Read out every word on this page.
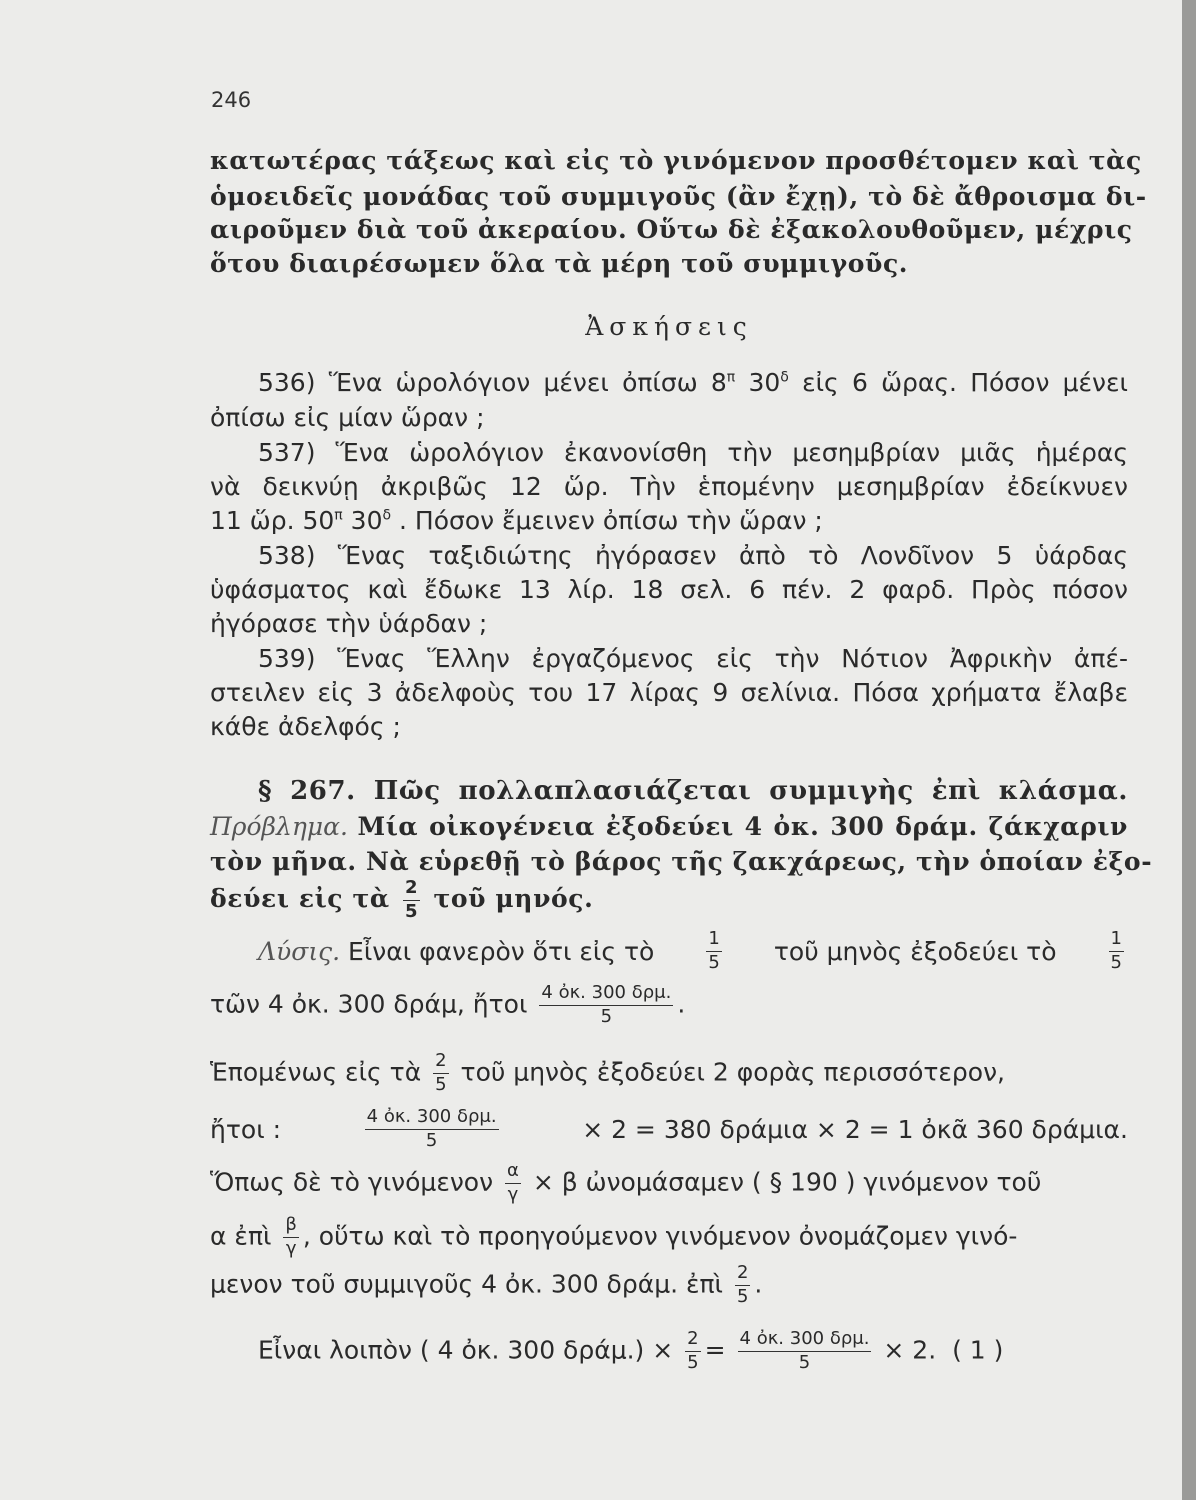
246
κατωτέρας τάξεως καὶ εἰς τὸ γινόμενον προσθέτομεν καὶ τὰς
ὁμοειδεῖς μονάδας τοῦ συμμιγοῦς (ἂν ἔχῃ), τὸ δὲ ἄθροισμα δι-
αιροῦμεν διὰ τοῦ ἀκεραίου. Οὕτω δὲ ἐξακολουθοῦμεν, μέχρις
ὅτου διαιρέσωμεν ὅλα τὰ μέρη τοῦ συμμιγοῦς.
Ἀσκήσεις
536) Ἕνα ὡρολόγιον μένει ὀπίσω $8^\pi$ $30^\delta$ εἰς 6 ὥρας. Πόσον μένει
ὀπίσω εἰς μίαν ὥραν ;
537) Ἕνα ὡρολόγιον ἐκανονίσθη τὴν μεσημβρίαν μιᾶς ἡμέρας
νὰ δεικνύῃ ἀκριβῶς 12 ὥρ. Τὴν ἑπομένην μεσημβρίαν ἐδείκνυεν
11 ὥρ. $50^\pi$ $30^\delta$ . Πόσον ἔμεινεν ὀπίσω τὴν ὥραν ;
538) Ἕνας ταξιδιώτης ἠγόρασεν ἀπὸ τὸ Λονδῖνον 5 ὑάρδας
ὑφάσματος καὶ ἔδωκε 13 λίρ. 18 σελ. 6 πέν. 2 φαρδ. Πρὸς πόσον
ἠγόρασε τὴν ὑάρδαν ;
539) Ἕνας Ἕλλην ἐργαζόμενος εἰς τὴν Νότιον Ἀφρικὴν ἀπέ-
στειλεν εἰς 3 ἀδελφοὺς του 17 λίρας 9 σελίνια. Πόσα χρήματα ἔλαβε
κάθε ἀδελφός ;
§ 267. Πῶς πολλαπλασιάζεται συμμιγὴς ἐπὶ κλάσμα.
Πρόβλημα. Μία οἰκογένεια ἐξοδεύει 4 ὀκ. 300 δράμ. ζάκχαριν
τὸν μῆνα. Νὰ εὑρεθῇ τὸ βάρος τῆς ζακχάρεως, τὴν ὁποίαν ἐξο-
δεύει εἰς τὰ $\frac{2}{5}$ τοῦ μηνός.
Λύσις. Εἶναι φανερὸν ὅτι εἰς τὸ	$\frac{1}{5}$ τοῦ μηνὸς ἐξοδεύει τὸ	$\frac{1}{5}$
τῶν 4 ὀκ. 300 δράμ, ἤτοι $\frac{\text{4 ὀκ. 300 δρμ.}}{5}$ .
Ἑπομένως εἰς τὰ $\frac{2}{5}$ τοῦ μηνὸς ἐξοδεύει 2 φορὰς περισσότερον,
ἤτοι :	$\frac{\text{4 ὀκ. 300 δρμ.}}{5}$	× 2 = 380 δράμια × 2 = 1 ὀκᾶ 360 δράμια.
Ὅπως δὲ τὸ γινόμενον $\frac{\alpha}{\gamma} \times \beta$ ὠνομάσαμεν ( § 190 ) γινόμενον τοῦ
α ἐπὶ $\frac{\beta}{\gamma}$ , οὕτω καὶ τὸ προηγούμενον γινόμενον ὀνομάζομεν γινό-
μενον τοῦ συμμιγοῦς 4 ὀκ. 300 δράμ. ἐπὶ $\frac{2}{5}$ .
Εἶναι λοιπὸν ( 4 ὀκ. 300 $\delta\rho ά\mu.) \times \frac{2}{5} = \frac{\text{4 ὀκ. 300 δρμ.}}{5} \times 2$. ( 1 )
